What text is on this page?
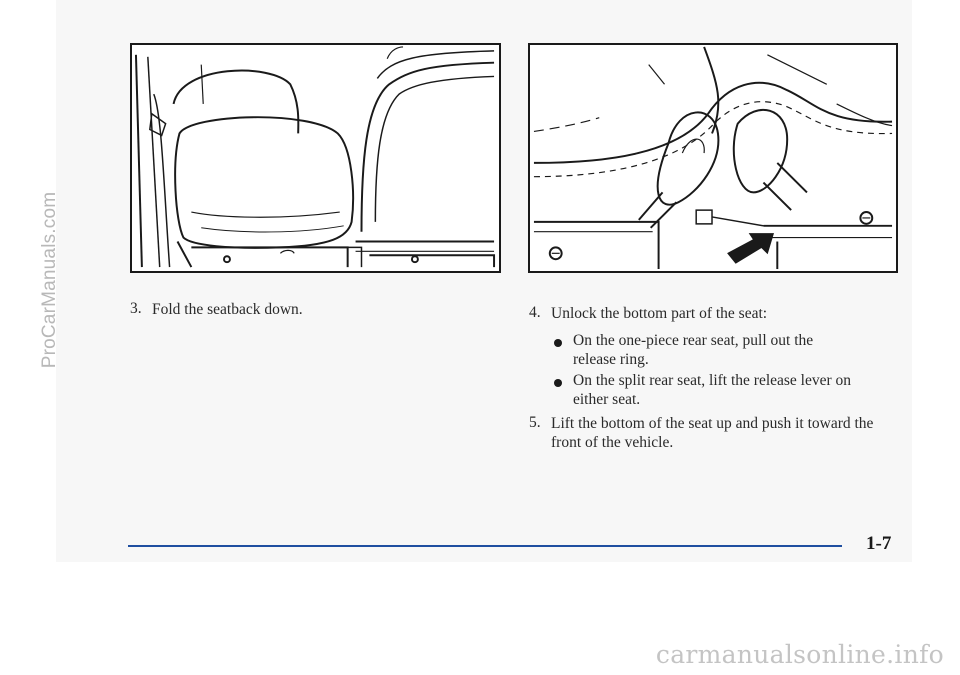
ProCarManuals.com	3. Fold the seatback down.	4. Unlock the bottom part of the seat:
On the one-piece rear seat, pull out the
release ring.
On the split rear seat, lift the release lever on
either seat.
5. Lift the bottom of the seat up and push it toward the
front of the vehicle.
1-7
carmanualsonline.info
